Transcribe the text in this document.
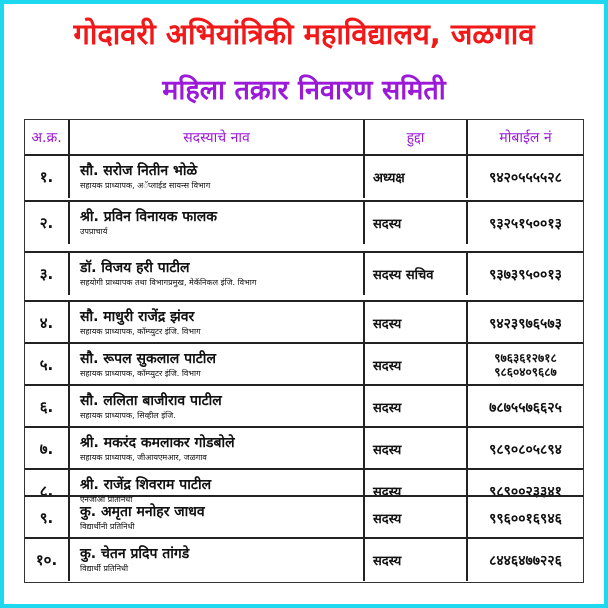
गोदावरी अभियांत्रिकी महाविद्यालय, जळगाव
महिला तक्रार निवारण समिती
अ.क्र.	सदस्याचे नाव	हुद्दा	मोबाईल नं
१.	सौ. सरोज नितीन भोळे
सहायक प्राध्यापक, अॅप्लाईड सायन्स विभाग	अध्यक्ष	९४२०५५५५२८
२.	श्री. प्रविन विनायक फालक
उपप्राचार्य	सदस्य	९३२५१५००१३
३.	डॉ. विजय हरी पाटील
सहयोगी प्राध्यापक तथा विभागप्रमुख, मेकॅनिकल इंजि. विभाग	सदस्य सचिव	९३७३९५००१३
४.	सौ. माधुरी राजेंद्र झंवर
सहायक प्राध्यापक, कॉम्प्युटर इंजि. विभाग	सदस्य	९४२३९७६५७३
५.	सौ. रूपल सुकलाल पाटील
सहायक प्राध्यापक, कॉम्प्युटर इंजि. विभाग	सदस्य
९७६३६१२७१८
९८६०४०९६८७
६.	सौ. ललिता बाजीराव पाटील
सहायक प्राध्यापक, सिव्हील इंजि.	सदस्य	७८७५५७६६२५
७.	श्री. मकरंद कमलाकर गोडबोले
सहायक प्राध्यापक, जीआयएमआर, जळगाव	सदस्य	९८९०८०५८९४
८.	श्री. राजेंद्र शिवराम पाटील
एनजीओ प्रतिनिधी	सदस्य	९८९००२३३४१
९.	कु. अमृता मनोहर जाधव
विद्यार्थीनी प्रतिनिधी	सदस्य	९९६००१६९४६
१०.	कु. चेतन प्रदिप तांगडे
विद्यार्थी प्रतिनिधी	सदस्य	८४४६४७७२२६
